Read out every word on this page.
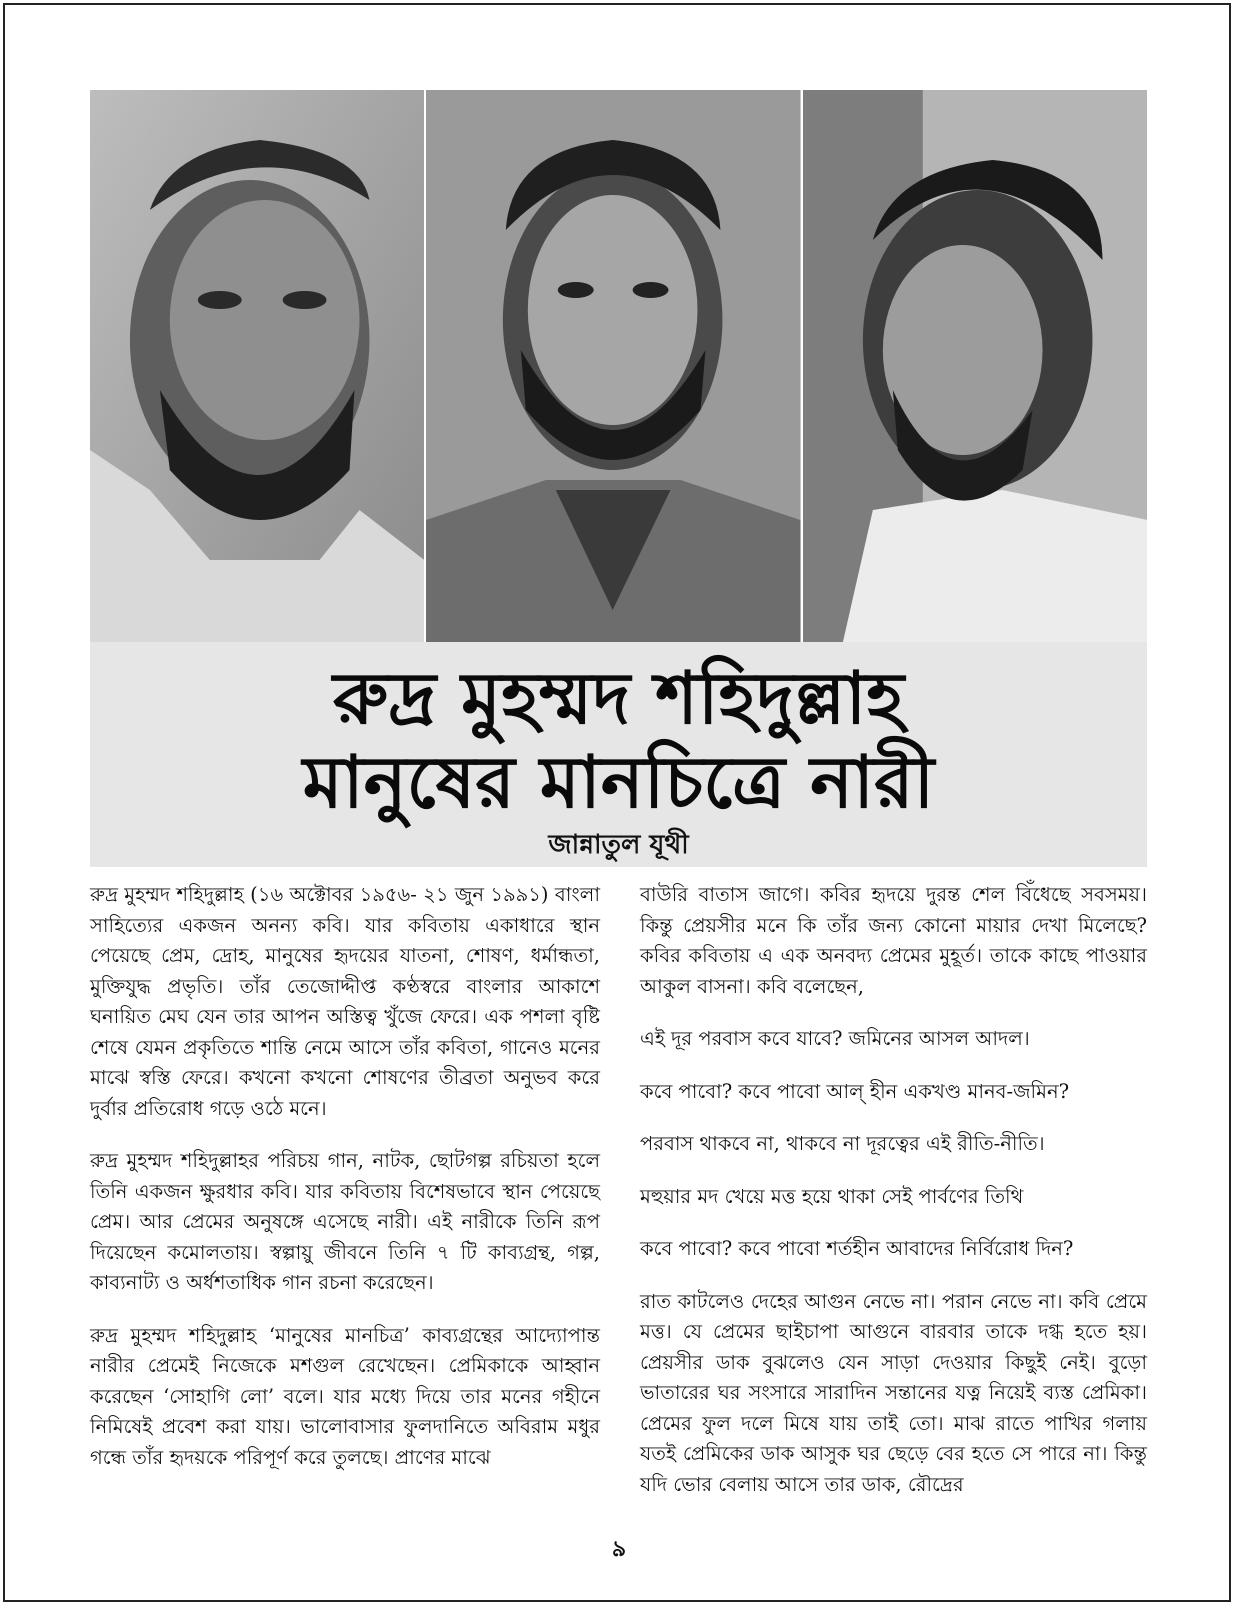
রুদ্র মুহম্মদ শহিদুল্লাহ
মানুষের মানচিত্রে নারী
জান্নাতুল যূথী

রুদ্র মুহম্মদ শহিদুল্লাহ (১৬ অক্টোবর ১৯৫৬- ২১ জুন ১৯৯১) বাংলা সাহিত্যের একজন অনন্য কবি। যার কবিতায় একাধারে স্থান পেয়েছে প্রেম, দ্রোহ, মানুষের হৃদয়ের যাতনা, শোষণ, ধর্মান্ধতা, মুক্তিযুদ্ধ প্রভৃতি। তাঁর তেজোদ্দীপ্ত কণ্ঠস্বরে বাংলার আকাশে ঘনায়িত মেঘ যেন তার আপন অস্তিত্ব খুঁজে ফেরে। এক পশলা বৃষ্টি শেষে যেমন প্রকৃতিতে শান্তি নেমে আসে তাঁর কবিতা, গানেও মনের মাঝে স্বস্তি ফেরে। কখনো কখনো শোষণের তীব্রতা অনুভব করে দুর্বার প্রতিরোধ গড়ে ওঠে মনে।

রুদ্র মুহম্মদ শহিদুল্লাহর পরিচয় গান, নাটক, ছোটগল্প রচিয়তা হলে তিনি একজন ক্ষুরধার কবি। যার কবিতায় বিশেষভাবে স্থান পেয়েছে প্রেম। আর প্রেমের অনুষঙ্গে এসেছে নারী। এই নারীকে তিনি রূপ দিয়েছেন কমোলতায়। স্বল্পায়ু জীবনে তিনি ৭ টি কাব্যগ্রন্থ, গল্প, কাব্যনাট্য ও অর্ধশতাধিক গান রচনা করেছেন।

রুদ্র মুহম্মদ শহিদুল্লাহ ‘মানুষের মানচিত্র’ কাব্যগ্রন্থের আদ্যোপান্ত নারীর প্রেমেই নিজেকে মশগুল রেখেছেন। প্রেমিকাকে আহ্বান করেছেন ‘সোহাগি লো’ বলে। যার মধ্যে দিয়ে তার মনের গহীনে নিমিষেই প্রবেশ করা যায়। ভালোবাসার ফুলদানিতে অবিরাম মধুর গন্ধে তাঁর হৃদয়কে পরিপূর্ণ করে তুলছে। প্রাণের মাঝে

বাউরি বাতাস জাগে। কবির হৃদয়ে দুরন্ত শেল বিঁধেছে সবসময়। কিন্তু প্রেয়সীর মনে কি তাঁর জন্য কোনো মায়ার দেখা মিলেছে? কবির কবিতায় এ এক অনবদ্য প্রেমের মুহূর্ত। তাকে কাছে পাওয়ার আকুল বাসনা। কবি বলেছেন,

এই দূর পরবাস কবে যাবে? জমিনের আসল আদল।

কবে পাবো? কবে পাবো আল্ হীন একখণ্ড মানব-জমিন?

পরবাস থাকবে না, থাকবে না দূরত্বের এই রীতি-নীতি।

মহুয়ার মদ খেয়ে মত্ত হয়ে থাকা সেই পার্বণের তিথি

কবে পাবো? কবে পাবো শর্তহীন আবাদের নির্বিরোধ দিন?

রাত কাটলেও দেহের আগুন নেভে না। পরান নেভে না। কবি প্রেমে মত্ত। যে প্রেমের ছাইচাপা আগুনে বারবার তাকে দগ্ধ হতে হয়। প্রেয়সীর ডাক বুঝলেও যেন সাড়া দেওয়ার কিছুই নেই। বুড়ো ভাতারের ঘর সংসারে সারাদিন সন্তানের যত্ন নিয়েই ব্যস্ত প্রেমিকা। প্রেমের ফুল দলে মিষে যায় তাই তো। মাঝ রাতে পাখির গলায় যতই প্রেমিকের ডাক আসুক ঘর ছেড়ে বের হতে সে পারে না। কিন্তু যদি ভোর বেলায় আসে তার ডাক, রৌদ্রের

৯
